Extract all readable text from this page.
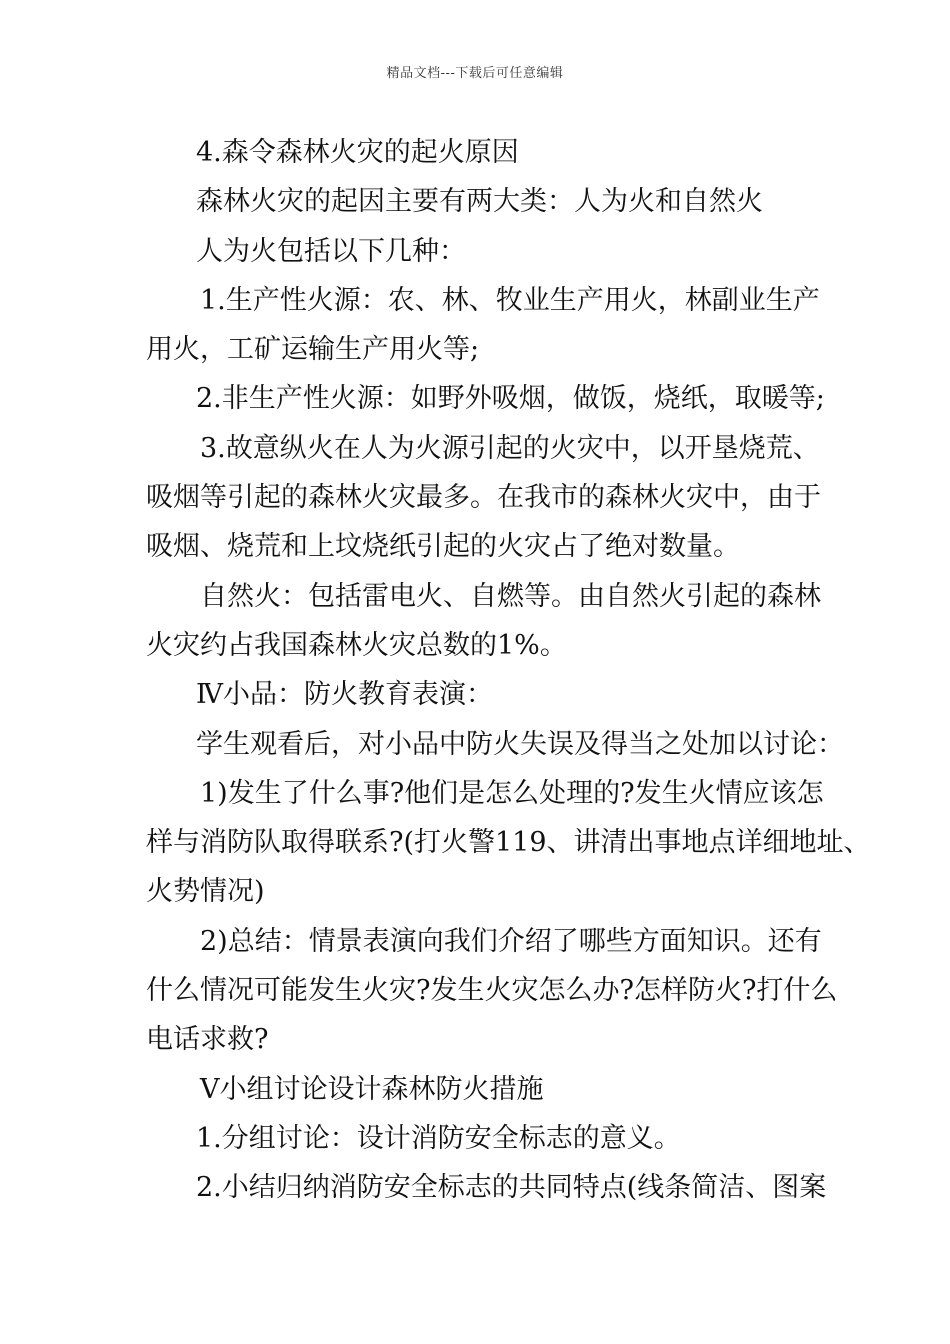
精品文档---下载后可任意编辑
4.森令森林火灾的起火原因
森林火灾的起因主要有两大类：人为火和自然火
人为火包括以下几种：
1.生产性火源：农、林、牧业生产用火，林副业生产
用火，工矿运输生产用火等;
2.非生产性火源：如野外吸烟，做饭，烧纸，取暖等;
3.故意纵火在人为火源引起的火灾中，以开垦烧荒、
吸烟等引起的森林火灾最多。在我市的森林火灾中，由于
吸烟、烧荒和上坟烧纸引起的火灾占了绝对数量。
自然火：包括雷电火、自燃等。由自然火引起的森林
火灾约占我国森林火灾总数的1%。
Ⅳ小品：防火教育表演：
学生观看后，对小品中防火失误及得当之处加以讨论：
1)发生了什么事?他们是怎么处理的?发生火情应该怎
样与消防队取得联系?(打火警119、讲清出事地点详细地址、
火势情况)
2)总结：情景表演向我们介绍了哪些方面知识。还有
什么情况可能发生火灾?发生火灾怎么办?怎样防火?打什么
电话求救?
Ⅴ小组讨论设计森林防火措施
1.分组讨论：设计消防安全标志的意义。
2.小结归纳消防安全标志的共同特点(线条简洁、图案
